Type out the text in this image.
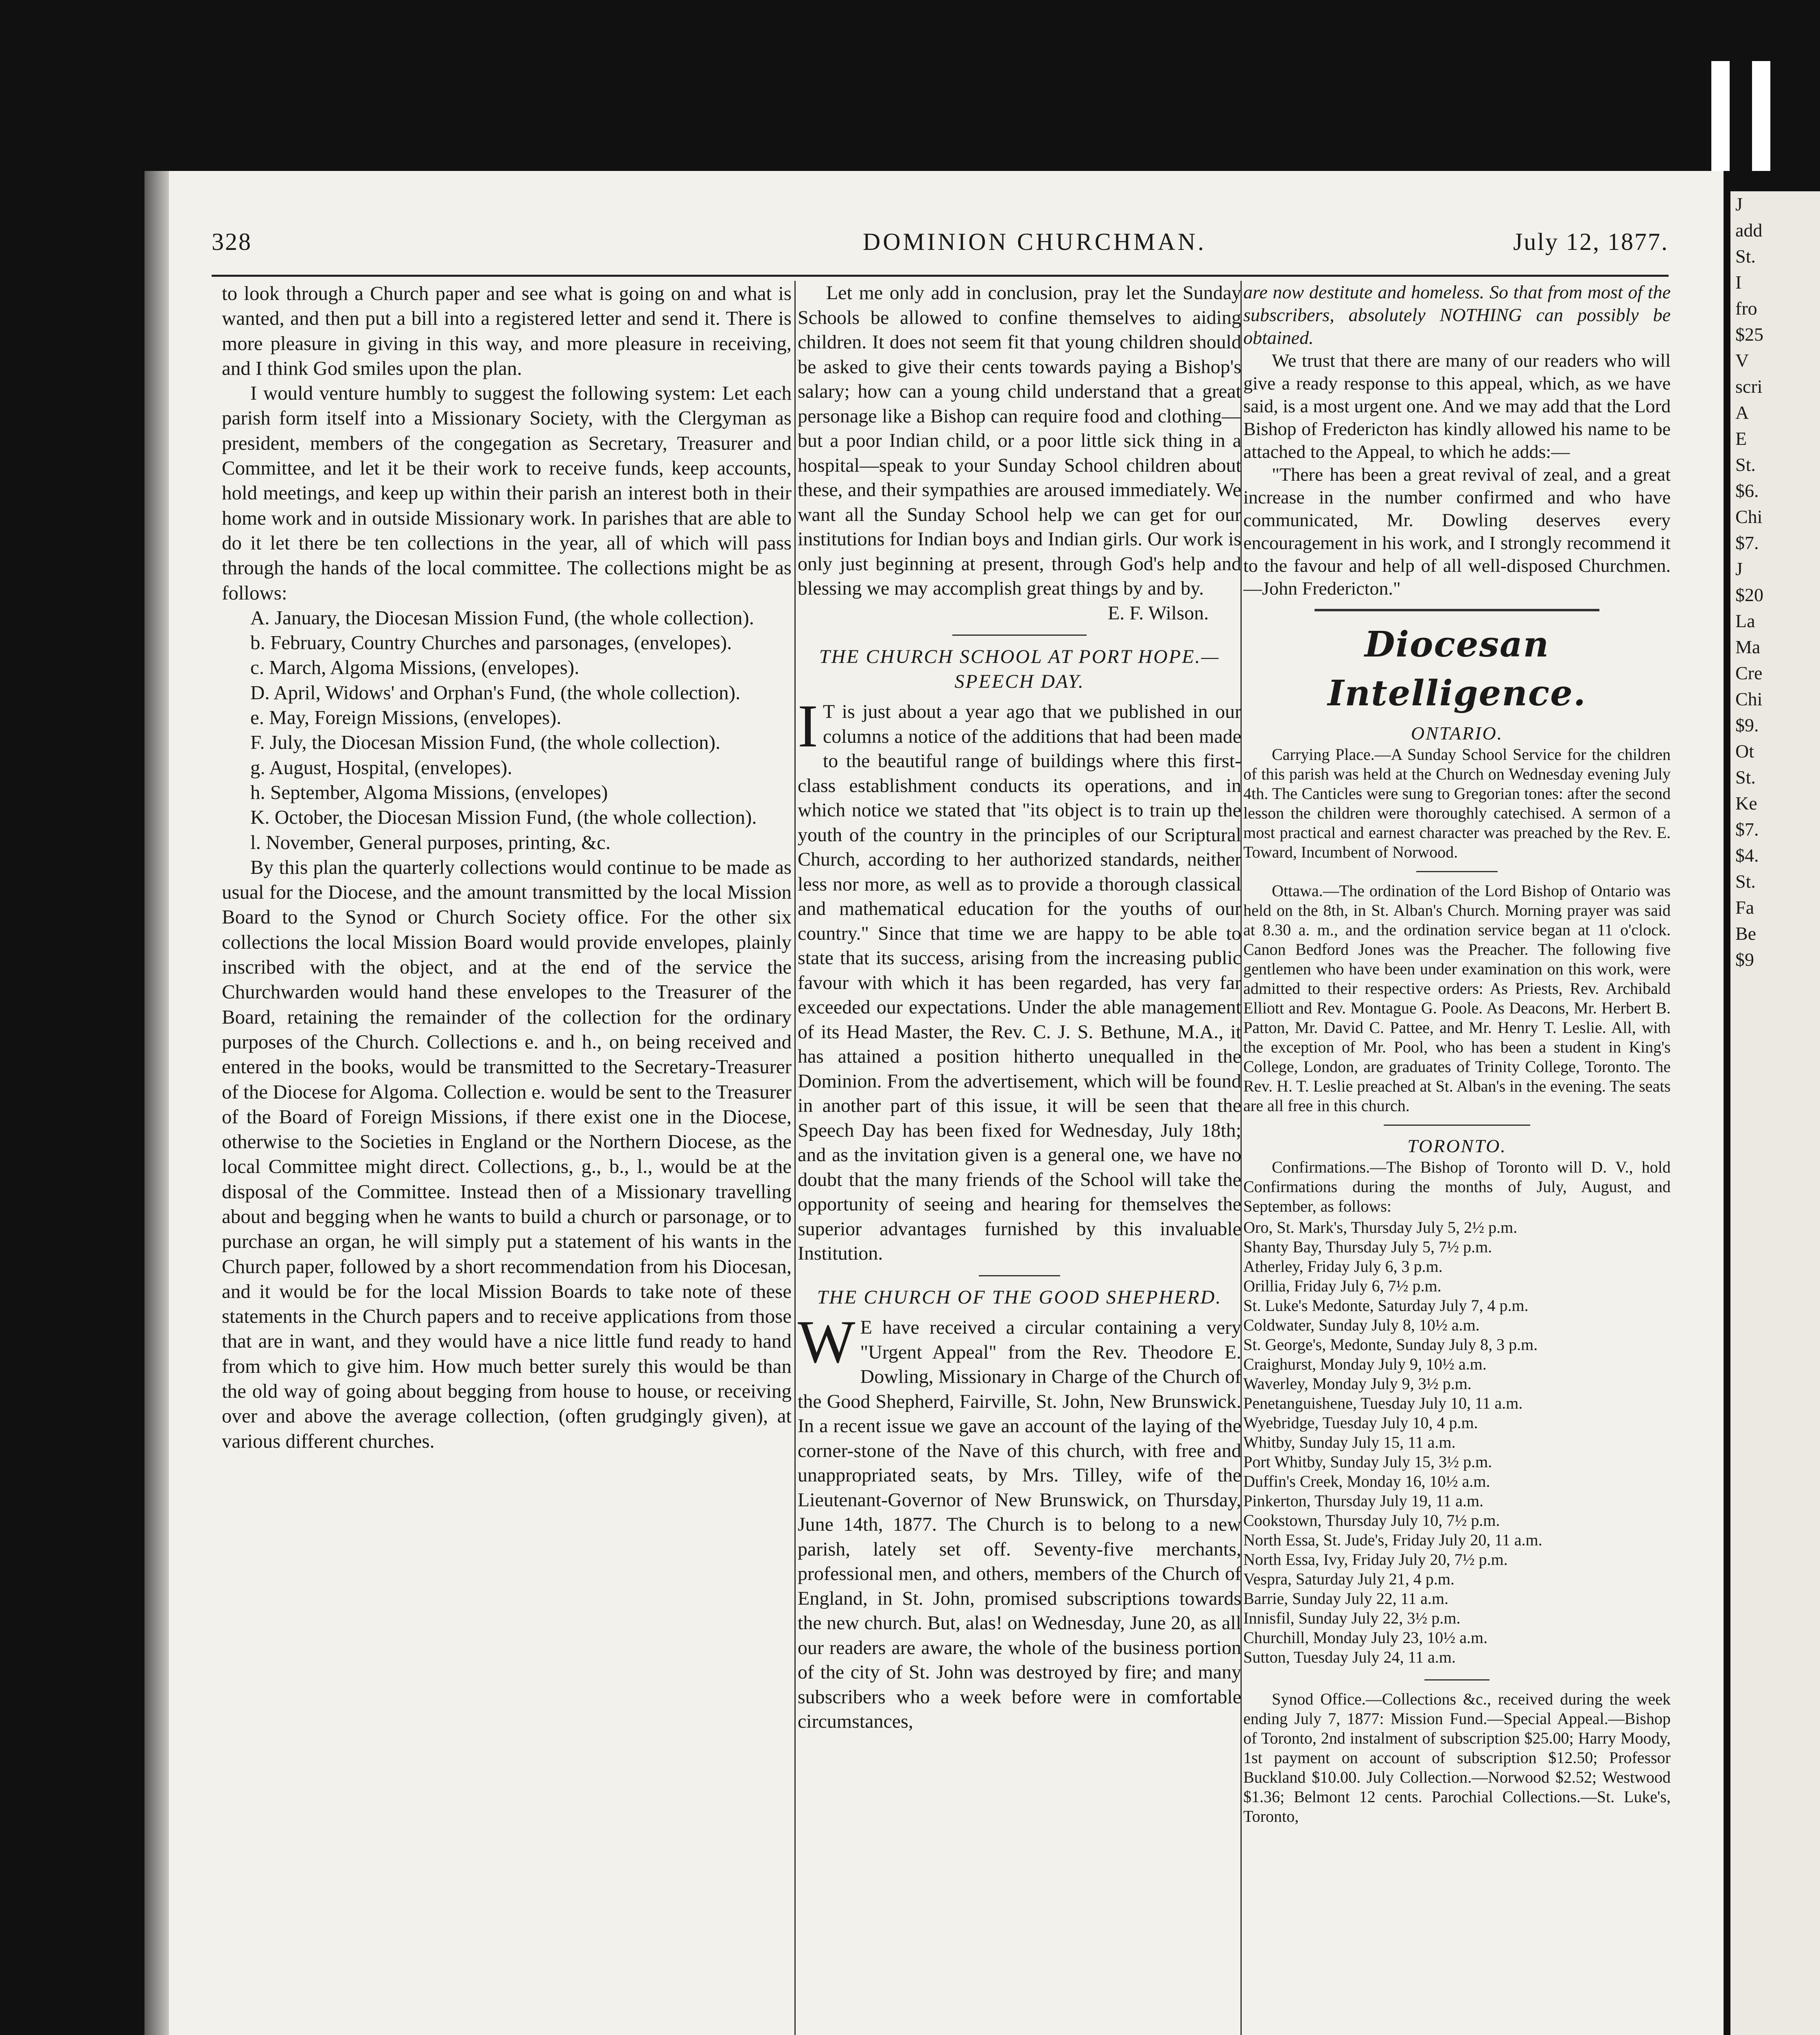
J
add
St.
I
fro
$25
V
scri
A
E
St.
$6.
Chi
$7.
J
$20
La
Ma
Cre
Chi
$9.
Ot
St.
Ke
$7.
$4.
St.
Fa
Be
$9
328	DOMINION CHURCHMAN.	July 12, 1877.

to look through a Church paper and see what is going on and what is wanted, and then put a bill into a registered letter and send it. There is more pleasure in giving in this way, and more pleasure in receiving, and I think God smiles upon the plan.

I would venture humbly to suggest the following system: Let each parish form itself into a Missionary Society, with the Clergyman as president, members of the congegation as Secretary, Treasurer and Committee, and let it be their work to receive funds, keep accounts, hold meetings, and keep up within their parish an interest both in their home work and in outside Missionary work. In parishes that are able to do it let there be ten collections in the year, all of which will pass through the hands of the local committee. The collections might be as follows:

A. January, the Diocesan Mission Fund, (the whole collection).

b. February, Country Churches and parsonages, (envelopes).

c. March, Algoma Missions, (envelopes).

D. April, Widows' and Orphan's Fund, (the whole collection).

e. May, Foreign Missions, (envelopes).

F. July, the Diocesan Mission Fund, (the whole collection).

g. August, Hospital, (envelopes).

h. September, Algoma Missions, (envelopes)

K. October, the Diocesan Mission Fund, (the whole collection).

l. November, General purposes, printing, &c.

By this plan the quarterly collections would continue to be made as usual for the Diocese, and the amount transmitted by the local Mission Board to the Synod or Church Society office. For the other six collections the local Mission Board would provide envelopes, plainly inscribed with the object, and at the end of the service the Churchwarden would hand these envelopes to the Treasurer of the Board, retaining the remainder of the collection for the ordinary purposes of the Church. Collections e. and h., on being received and entered in the books, would be transmitted to the Secretary-Treasurer of the Diocese for Algoma. Collection e. would be sent to the Treasurer of the Board of Foreign Missions, if there exist one in the Diocese, otherwise to the Societies in England or the Northern Diocese, as the local Committee might direct. Collections, g., b., l., would be at the disposal of the Committee. Instead then of a Missionary travelling about and begging when he wants to build a church or parsonage, or to purchase an organ, he will simply put a statement of his wants in the Church paper, followed by a short recommendation from his Diocesan, and it would be for the local Mission Boards to take note of these statements in the Church papers and to receive applications from those that are in want, and they would have a nice little fund ready to hand from which to give him. How much better surely this would be than the old way of going about begging from house to house, or receiving over and above the average collection, (often grudgingly given), at various different churches.

Let me only add in conclusion, pray let the Sunday Schools be allowed to confine themselves to aiding children. It does not seem fit that young children should be asked to give their cents towards paying a Bishop's salary; how can a young child understand that a great personage like a Bishop can require food and clothing—but a poor Indian child, or a poor little sick thing in a hospital—speak to your Sunday School children about these, and their sympathies are aroused immediately. We want all the Sunday School help we can get for our institutions for Indian boys and Indian girls. Our work is only just beginning at present, through God's help and blessing we may accomplish great things by and by.

E. F. Wilson.

THE CHURCH SCHOOL AT PORT HOPE.—SPEECH DAY.

I T is just about a year ago that we published in our columns a notice of the additions that had been made to the beautiful range of buildings where this first-class establishment conducts its operations, and in which notice we stated that "its object is to train up the youth of the country in the principles of our Scriptural Church, according to her authorized standards, neither less nor more, as well as to provide a thorough classical and mathematical education for the youths of our country." Since that time we are happy to be able to state that its success, arising from the increasing public favour with which it has been regarded, has very far exceeded our expectations. Under the able management of its Head Master, the Rev. C. J. S. Bethune, M.A., it has attained a position hitherto unequalled in the Dominion. From the advertisement, which will be found in another part of this issue, it will be seen that the Speech Day has been fixed for Wednesday, July 18th; and as the invitation given is a general one, we have no doubt that the many friends of the School will take the opportunity of seeing and hearing for themselves the superior advantages furnished by this invaluable Institution.

THE CHURCH OF THE GOOD SHEPHERD.

W E have received a circular containing a very "Urgent Appeal" from the Rev. Theodore E. Dowling, Missionary in Charge of the Church of the Good Shepherd, Fairville, St. John, New Brunswick. In a recent issue we gave an account of the laying of the corner-stone of the Nave of this church, with free and unappropriated seats, by Mrs. Tilley, wife of the Lieutenant-Governor of New Brunswick, on Thursday, June 14th, 1877. The Church is to belong to a new parish, lately set off. Seventy-five merchants, professional men, and others, members of the Church of England, in St. John, promised subscriptions towards the new church. But, alas! on Wednesday, June 20, as all our readers are aware, the whole of the business portion of the city of St. John was destroyed by fire; and many subscribers who a week before were in comfortable circumstances,

are now destitute and homeless. So that from most of the subscribers, absolutely NOTHING can possibly be obtained.

We trust that there are many of our readers who will give a ready response to this appeal, which, as we have said, is a most urgent one. And we may add that the Lord Bishop of Fredericton has kindly allowed his name to be attached to the Appeal, to which he adds:—

"There has been a great revival of zeal, and a great increase in the number confirmed and who have communicated, Mr. Dowling deserves every encouragement in his work, and I strongly recommend it to the favour and help of all well-disposed Churchmen.—John Fredericton."

Diocesan Intelligence.

ONTARIO.

Carrying Place.—A Sunday School Service for the children of this parish was held at the Church on Wednesday evening July 4th. The Canticles were sung to Gregorian tones: after the second lesson the children were thoroughly catechised. A sermon of a most practical and earnest character was preached by the Rev. E. Toward, Incumbent of Norwood.

Ottawa.—The ordination of the Lord Bishop of Ontario was held on the 8th, in St. Alban's Church. Morning prayer was said at 8.30 a. m., and the ordination service began at 11 o'clock. Canon Bedford Jones was the Preacher. The following five gentlemen who have been under examination on this work, were admitted to their respective orders: As Priests, Rev. Archibald Elliott and Rev. Montague G. Poole. As Deacons, Mr. Herbert B. Patton, Mr. David C. Pattee, and Mr. Henry T. Leslie. All, with the exception of Mr. Pool, who has been a student in King's College, London, are graduates of Trinity College, Toronto. The Rev. H. T. Leslie preached at St. Alban's in the evening. The seats are all free in this church.

TORONTO.

Confirmations.—The Bishop of Toronto will D. V., hold Confirmations during the months of July, August, and September, as follows:

Oro, St. Mark's, Thursday July 5, 2½ p.m.
Shanty Bay, Thursday July 5, 7½ p.m.
Atherley, Friday July 6, 3 p.m.
Orillia, Friday July 6, 7½ p.m.
St. Luke's Medonte, Saturday July 7, 4 p.m.
Coldwater, Sunday July 8, 10½ a.m.
St. George's, Medonte, Sunday July 8, 3 p.m.
Craighurst, Monday July 9, 10½ a.m.
Waverley, Monday July 9, 3½ p.m.
Penetanguishene, Tuesday July 10, 11 a.m.
Wyebridge, Tuesday July 10, 4 p.m.
Whitby, Sunday July 15, 11 a.m.
Port Whitby, Sunday July 15, 3½ p.m.
Duffin's Creek, Monday 16, 10½ a.m.
Pinkerton, Thursday July 19, 11 a.m.
Cookstown, Thursday July 10, 7½ p.m.
North Essa, St. Jude's, Friday July 20, 11 a.m.
North Essa, Ivy, Friday July 20, 7½ p.m.
Vespra, Saturday July 21, 4 p.m.
Barrie, Sunday July 22, 11 a.m.
Innisfil, Sunday July 22, 3½ p.m.
Churchill, Monday July 23, 10½ a.m.
Sutton, Tuesday July 24, 11 a.m.

Synod Office.—Collections &c., received during the week ending July 7, 1877: Mission Fund.—Special Appeal.—Bishop of Toronto, 2nd instalment of subscription $25.00; Harry Moody, 1st payment on account of subscription $12.50; Professor Buckland $10.00. July Collection.—Norwood $2.52; Westwood $1.36; Belmont 12 cents. Parochial Collections.—St. Luke's, Toronto,
